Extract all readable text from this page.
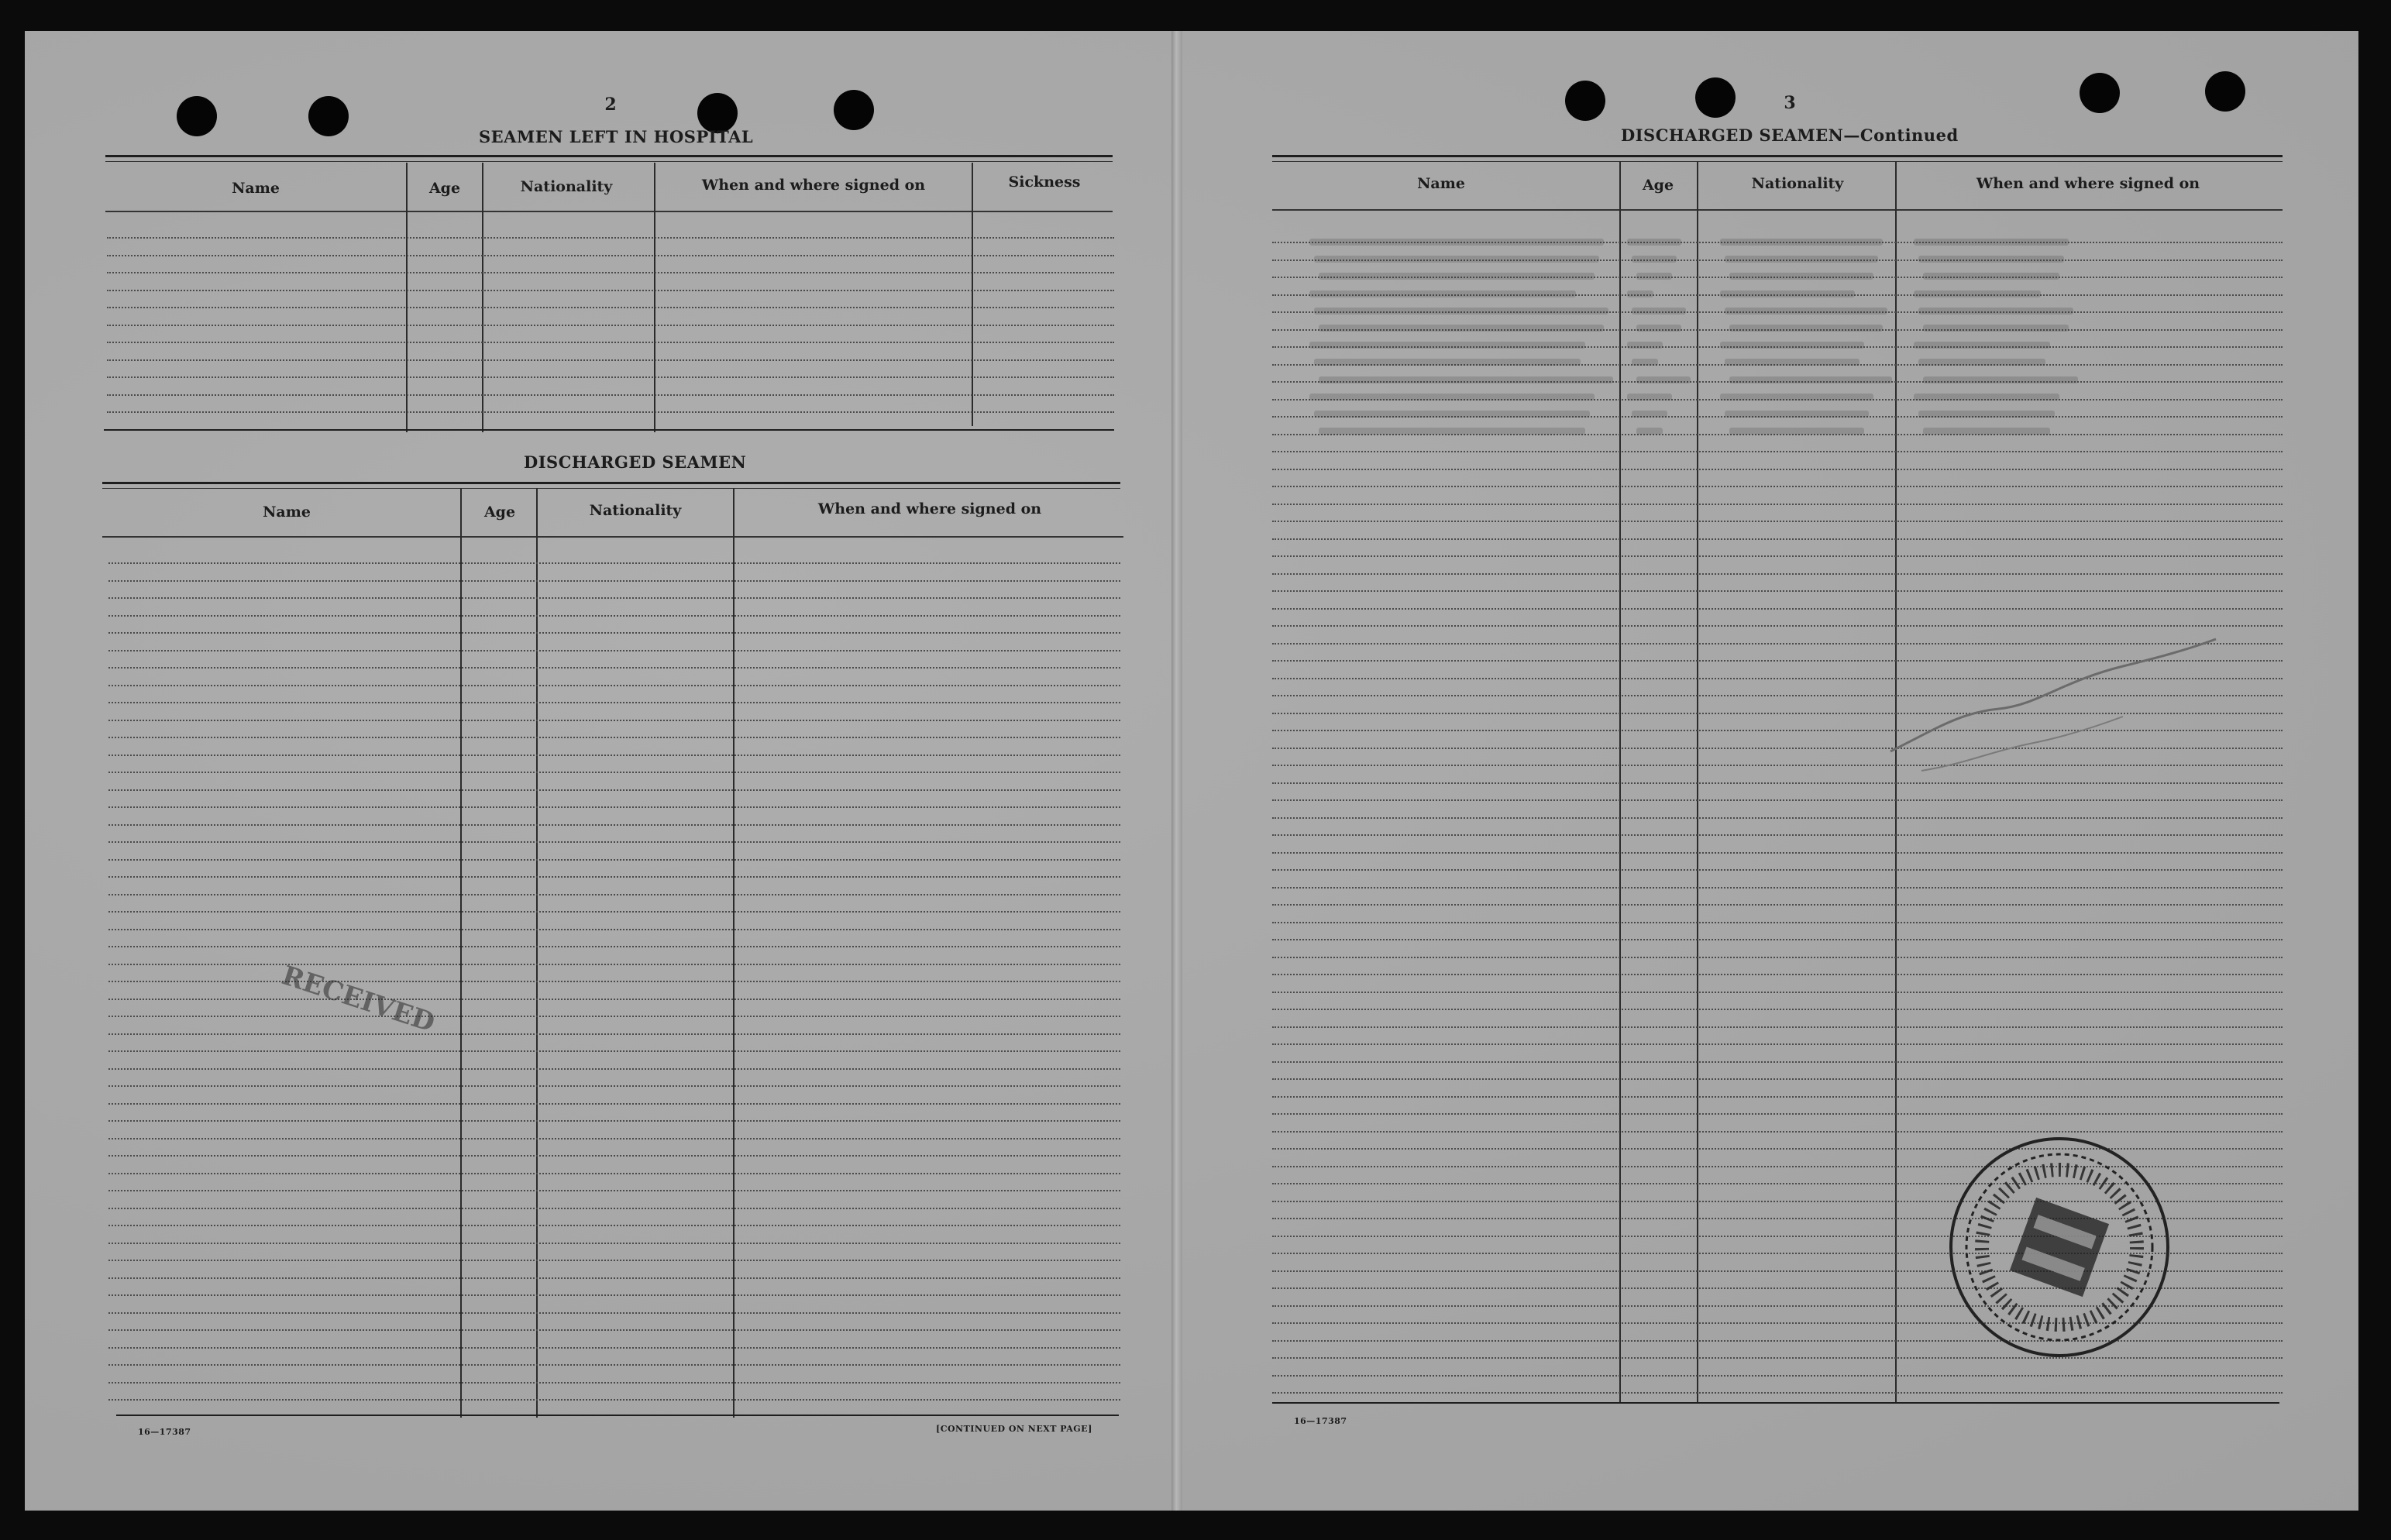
2
SEAMEN LEFT IN HOSPITAL
Name	Age	Nationality	When and where signed on	Sickness
DISCHARGED SEAMEN
Name	Age	Nationality	When and where signed on
16—17387	[CONTINUED ON NEXT PAGE]
RECEIVED
3
DISCHARGED SEAMEN—Continued
Name	Age	Nationality	When and where signed on
16—17387
